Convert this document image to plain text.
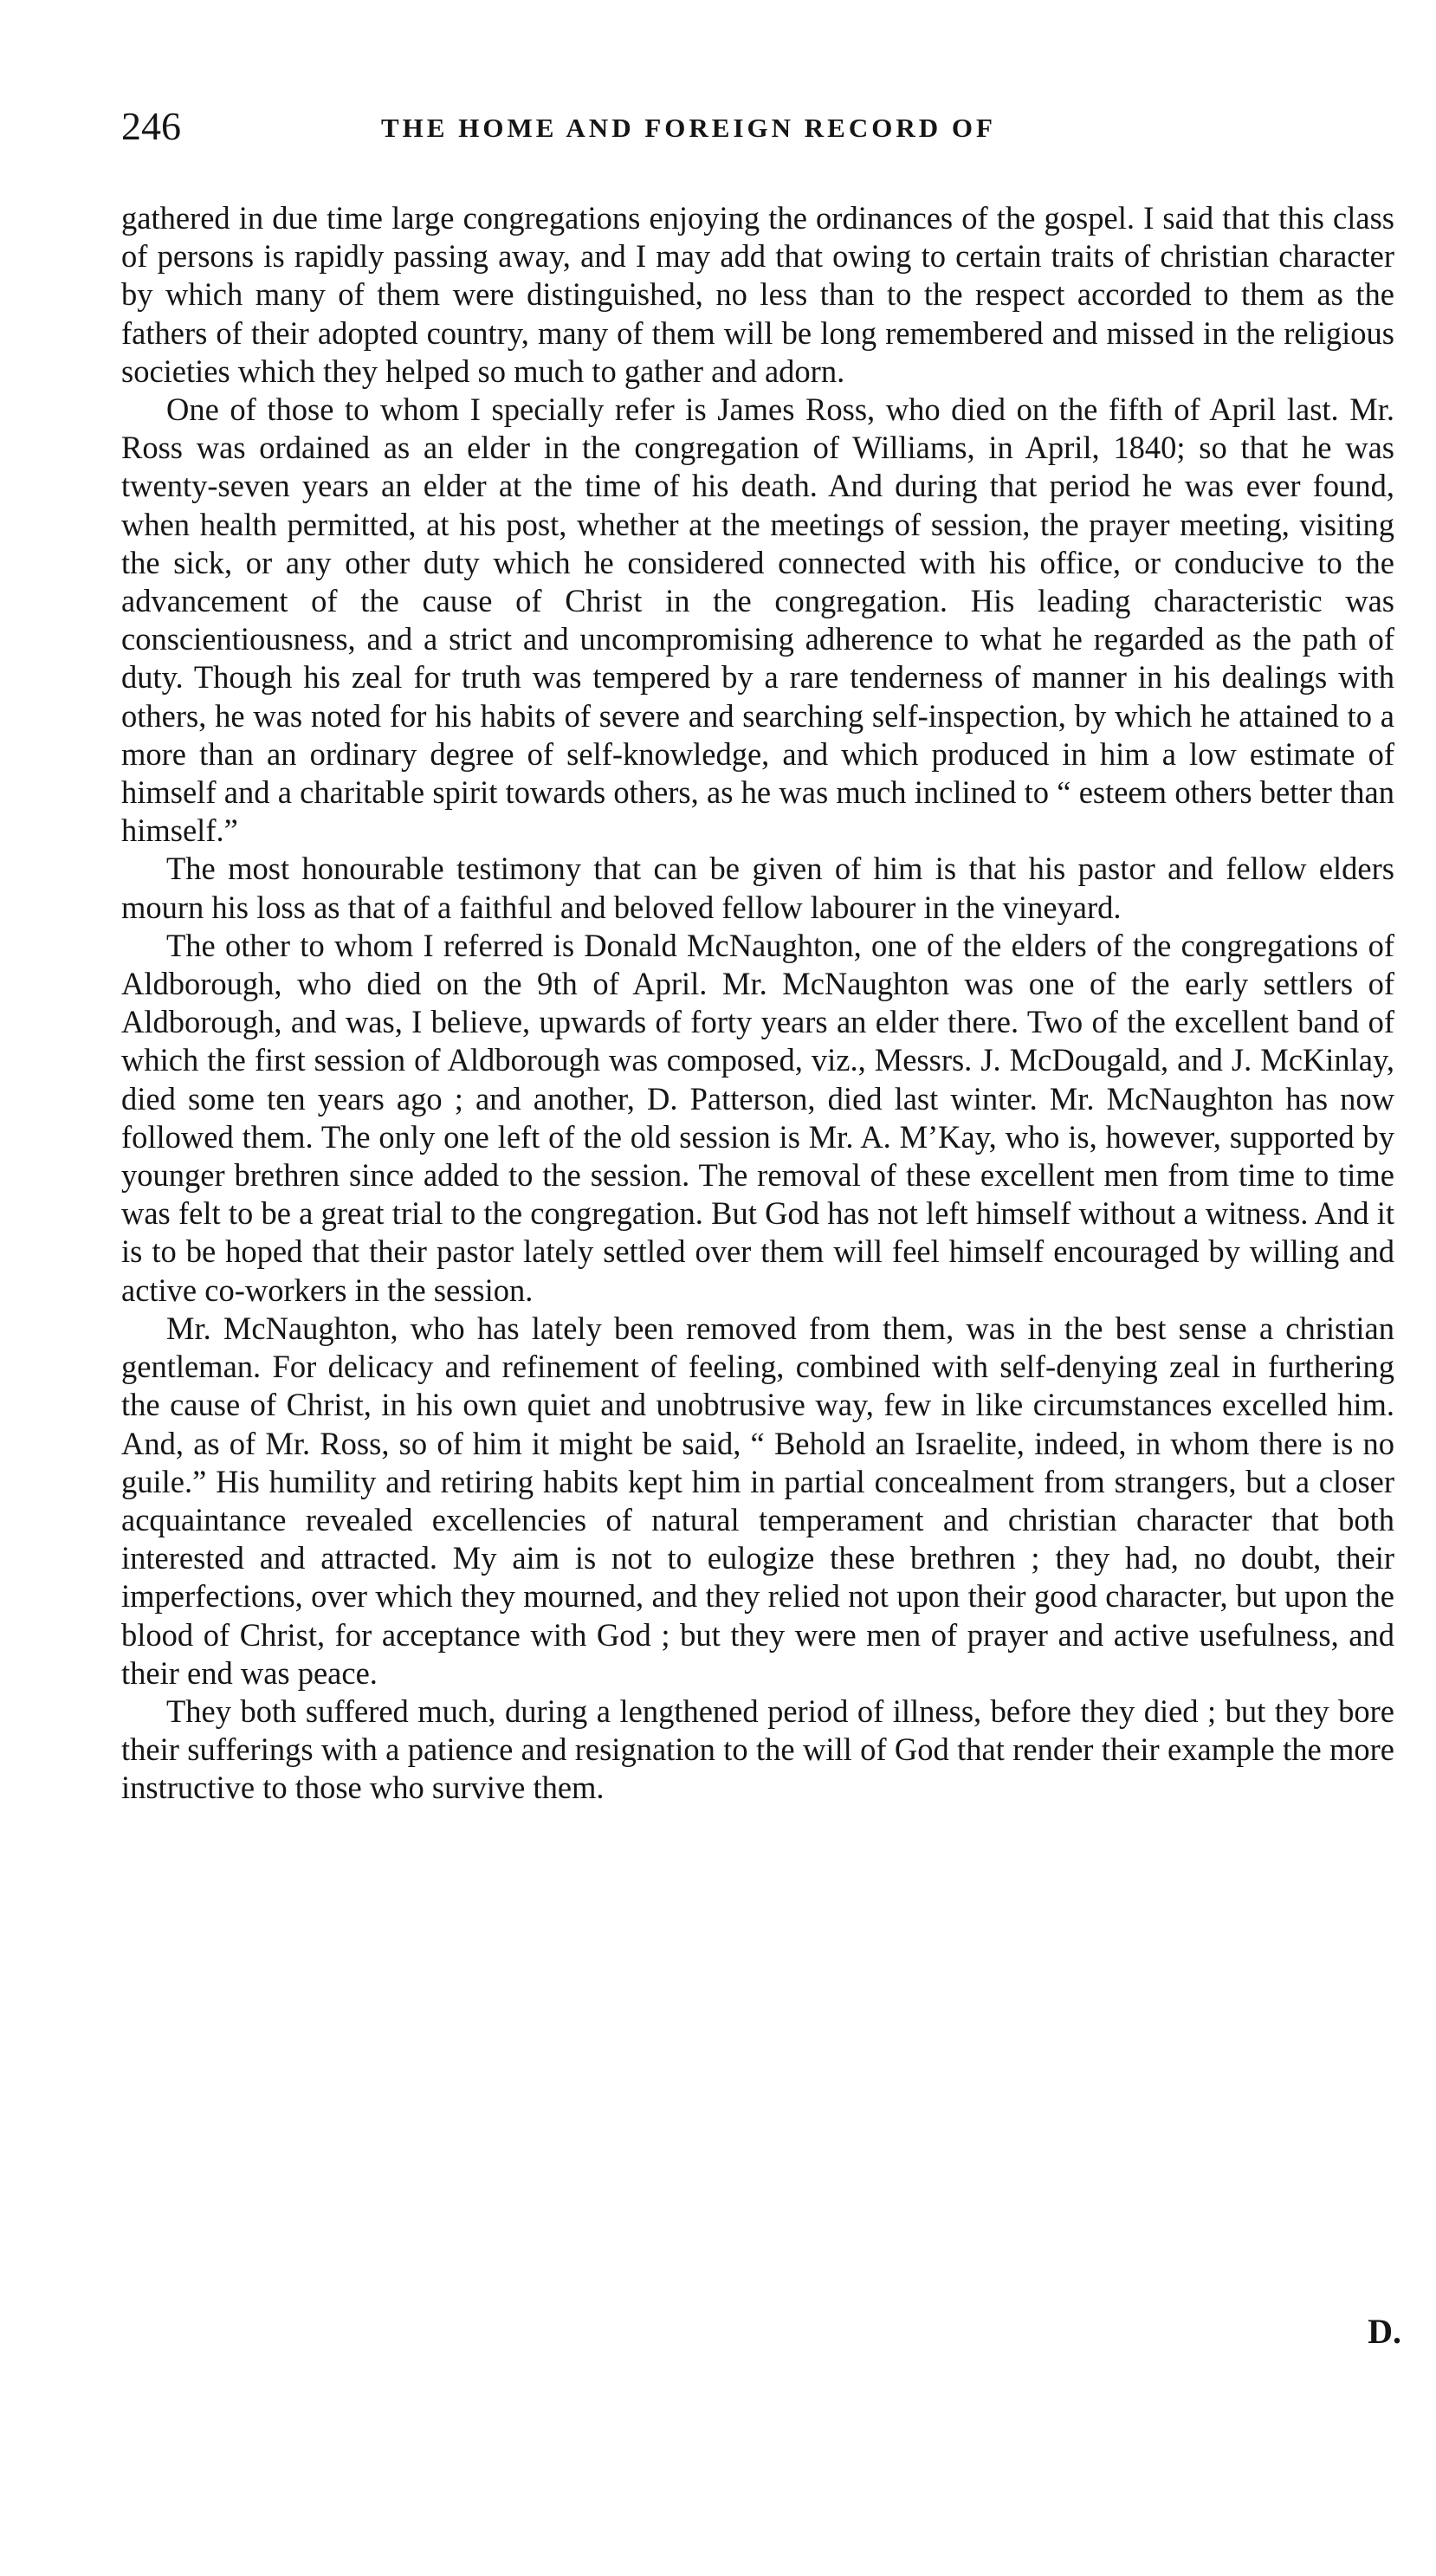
246	THE HOME AND FOREIGN RECORD OF

gathered in due time large congregations enjoying the ordinances of the gospel. I said that this class of persons is rapidly passing away, and I may add that owing to certain traits of christian character by which many of them were distinguished, no less than to the respect accorded to them as the fathers of their adopted country, many of them will be long remembered and missed in the religious societies which they helped so much to gather and adorn.

One of those to whom I specially refer is James Ross, who died on the fifth of April last. Mr. Ross was ordained as an elder in the congregation of Williams, in April, 1840; so that he was twenty-seven years an elder at the time of his death. And during that period he was ever found, when health permitted, at his post, whether at the meetings of session, the prayer meeting, visiting the sick, or any other duty which he considered connected with his office, or conducive to the advancement of the cause of Christ in the congregation. His leading characteristic was conscientiousness, and a strict and uncompromising adherence to what he regarded as the path of duty. Though his zeal for truth was tempered by a rare tenderness of manner in his dealings with others, he was noted for his habits of severe and searching self-inspection, by which he attained to a more than an ordinary degree of self-knowledge, and which produced in him a low estimate of himself and a charitable spirit towards others, as he was much inclined to “ esteem others better than himself.”

The most honourable testimony that can be given of him is that his pastor and fellow elders mourn his loss as that of a faithful and beloved fellow labourer in the vineyard.

The other to whom I referred is Donald McNaughton, one of the elders of the congregations of Aldborough, who died on the 9th of April. Mr. McNaughton was one of the early settlers of Aldborough, and was, I believe, upwards of forty years an elder there. Two of the excellent band of which the first session of Aldborough was composed, viz., Messrs. J. McDougald, and J. McKinlay, died some ten years ago ; and another, D. Patterson, died last winter. Mr. McNaughton has now followed them. The only one left of the old session is Mr. A. M’Kay, who is, however, supported by younger brethren since added to the session. The removal of these excellent men from time to time was felt to be a great trial to the congregation. But God has not left himself without a witness. And it is to be hoped that their pastor lately settled over them will feel himself encouraged by willing and active co-workers in the session.

Mr. McNaughton, who has lately been removed from them, was in the best sense a christian gentleman. For delicacy and refinement of feeling, combined with self-denying zeal in furthering the cause of Christ, in his own quiet and unobtrusive way, few in like circumstances excelled him. And, as of Mr. Ross, so of him it might be said, “ Behold an Israelite, indeed, in whom there is no guile.” His humility and retiring habits kept him in partial concealment from strangers, but a closer acquaintance revealed excellencies of natural temperament and christian character that both interested and attracted. My aim is not to eulogize these brethren ; they had, no doubt, their imperfections, over which they mourned, and they relied not upon their good character, but upon the blood of Christ, for acceptance with God ; but they were men of prayer and active usefulness, and their end was peace.

They both suffered much, during a lengthened period of illness, before they died ; but they bore their sufferings with a patience and resignation to the will of God that render their example the more instructive to those who survive them.

D.
